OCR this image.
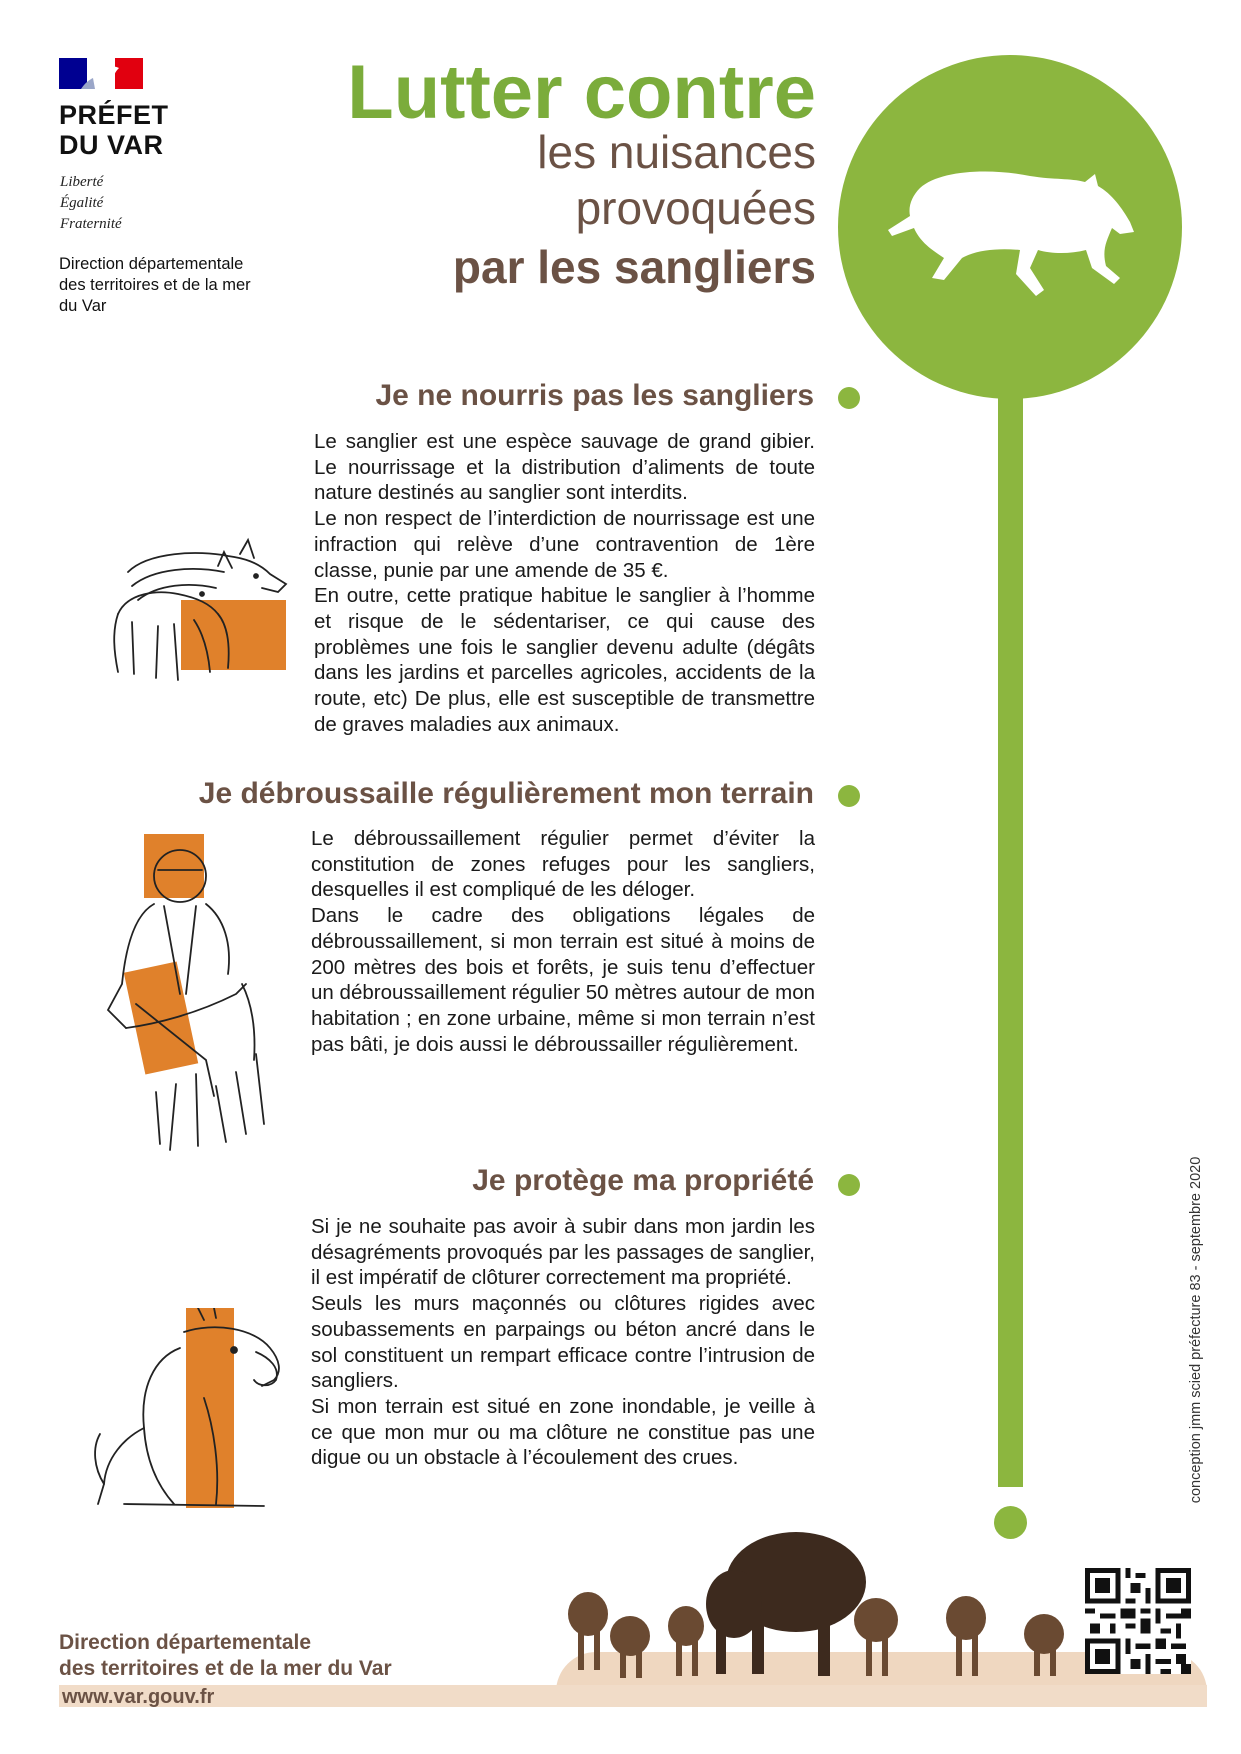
PRÉFET
DU VAR
Liberté
Égalité
Fraternité
Direction départementale
des territoires et de la mer
du Var
Lutter contre
les nuisances
provoquées
par les sangliers
Je ne nourris pas les sangliers

Le sanglier est une espèce sauvage de grand gibier. Le nourrissage et la distribution d’aliments de toute nature destinés au sanglier sont interdits.

Le non respect de l’interdiction de nourrissage est une infraction qui relève d’une contravention de 1ère classe, punie par une amende de 35 €.

En outre, cette pratique habitue le sanglier à l’homme et risque de le sédentariser, ce qui cause des problèmes une fois le sanglier devenu adulte (dégâts dans les jardins et parcelles agricoles, accidents de la route, etc) De plus, elle est susceptible de transmettre de graves maladies aux animaux.

Je débroussaille régulièrement mon terrain

Le débroussaillement régulier permet d’éviter la constitution de zones refuges pour les sangliers, desquelles il est compliqué de les déloger.

Dans le cadre des obligations légales de débroussaillement, si mon terrain est situé à moins de 200 mètres des bois et forêts, je suis tenu d’effectuer un débroussaillement régulier 50 mètres autour de mon habitation ; en zone urbaine, même si mon terrain n’est pas bâti, je dois aussi le débroussailler régulièrement.

Je protège ma propriété

Si je ne souhaite pas avoir à subir dans mon jardin les désagréments provoqués par les passages de sanglier, il est impératif de clôturer correctement ma propriété.

Seuls les murs maçonnés ou clôtures rigides avec soubassements en parpaings ou béton ancré dans le sol constituent un rempart efficace contre l’intrusion de sangliers.

Si mon terrain est situé en zone inondable, je veille à ce que mon mur ou ma clôture ne constitue pas une digue ou un obstacle à l’écoulement des crues.	conception jmm scied préfecture 83 - septembre 2020
Direction départementale
des territoires et de la mer du Var
www.var.gouv.fr
